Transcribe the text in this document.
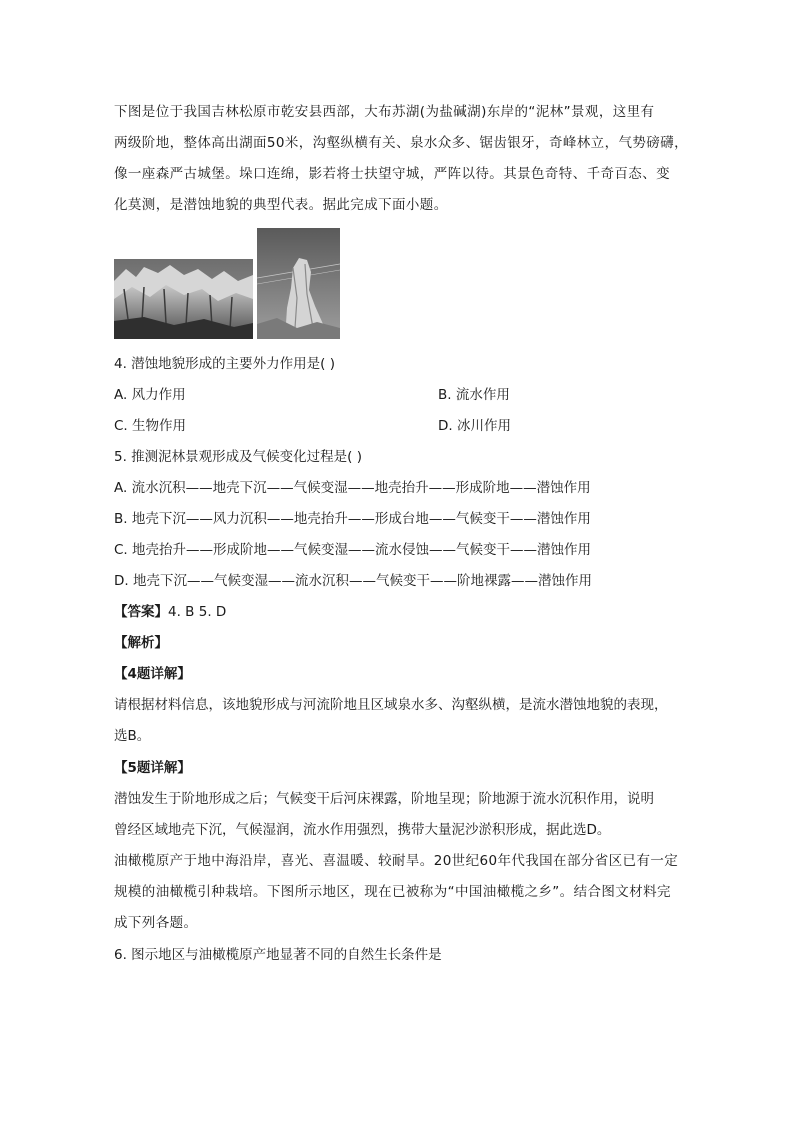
下图是位于我国吉林松原市乾安县西部，大布苏湖(为盐碱湖)东岸的“泥林”景观，这里有
两级阶地，整体高出湖面50米，沟壑纵横有关、泉水众多、锯齿银牙，奇峰林立，气势磅礴，
像一座森严古城堡。垛口连绵，影若将士扶望守城，严阵以待。其景色奇特、千奇百态、变
化莫测，是潜蚀地貌的典型代表。据此完成下面小题。
4. 潜蚀地貌形成的主要外力作用是( )
A. 风力作用	B. 流水作用
C. 生物作用	D. 冰川作用
5. 推测泥林景观形成及气候变化过程是( )
A. 流水沉积——地壳下沉——气候变湿——地壳抬升——形成阶地——潜蚀作用
B. 地壳下沉——风力沉积——地壳抬升——形成台地——气候变干——潜蚀作用
C. 地壳抬升——形成阶地——气候变湿——流水侵蚀——气候变干——潜蚀作用
D. 地壳下沉——气候变湿——流水沉积——气候变干——阶地裸露——潜蚀作用
【答案】4. B 5. D
【解析】
【4题详解】
请根据材料信息，该地貌形成与河流阶地且区域泉水多、沟壑纵横，是流水潜蚀地貌的表现，
选B。
【5题详解】
潜蚀发生于阶地形成之后；气候变干后河床裸露，阶地呈现；阶地源于流水沉积作用，说明
曾经区域地壳下沉，气候湿润，流水作用强烈，携带大量泥沙淤积形成，据此选D。
油橄榄原产于地中海沿岸，喜光、喜温暖、较耐旱。20世纪60年代我国在部分省区已有一定
规模的油橄榄引种栽培。下图所示地区，现在已被称为“中国油橄榄之乡”。结合图文材料完
成下列各题。
6. 图示地区与油橄榄原产地显著不同的自然生长条件是
